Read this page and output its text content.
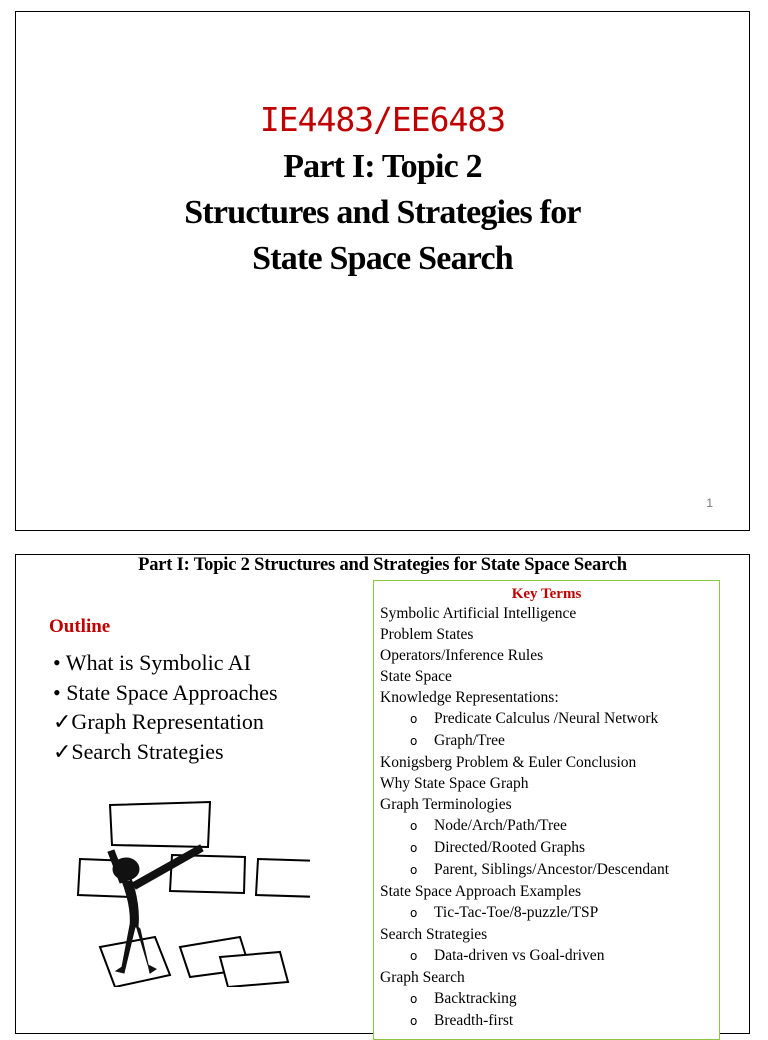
IE4483/EE6483
Part I: Topic 2
Structures and Strategies for
State Space Search
1
Part I: Topic 2 Structures and Strategies for State Space Search
Outline
• What is Symbolic AI
• State Space Approaches
✓Graph Representation
✓Search Strategies
Key Terms
Symbolic Artificial Intelligence
Problem States
Operators/Inference Rules
State Space
Knowledge Representations:
o Predicate Calculus /Neural Network
o Graph/Tree
Konigsberg Problem & Euler Conclusion
Why State Space Graph
Graph Terminologies
o Node/Arch/Path/Tree
o Directed/Rooted Graphs
o Parent, Siblings/Ancestor/Descendant
State Space Approach Examples
o Tic-Tac-Toe/8-puzzle/TSP
Search Strategies
o Data-driven vs Goal-driven
Graph Search
o Backtracking
o Breadth-first
